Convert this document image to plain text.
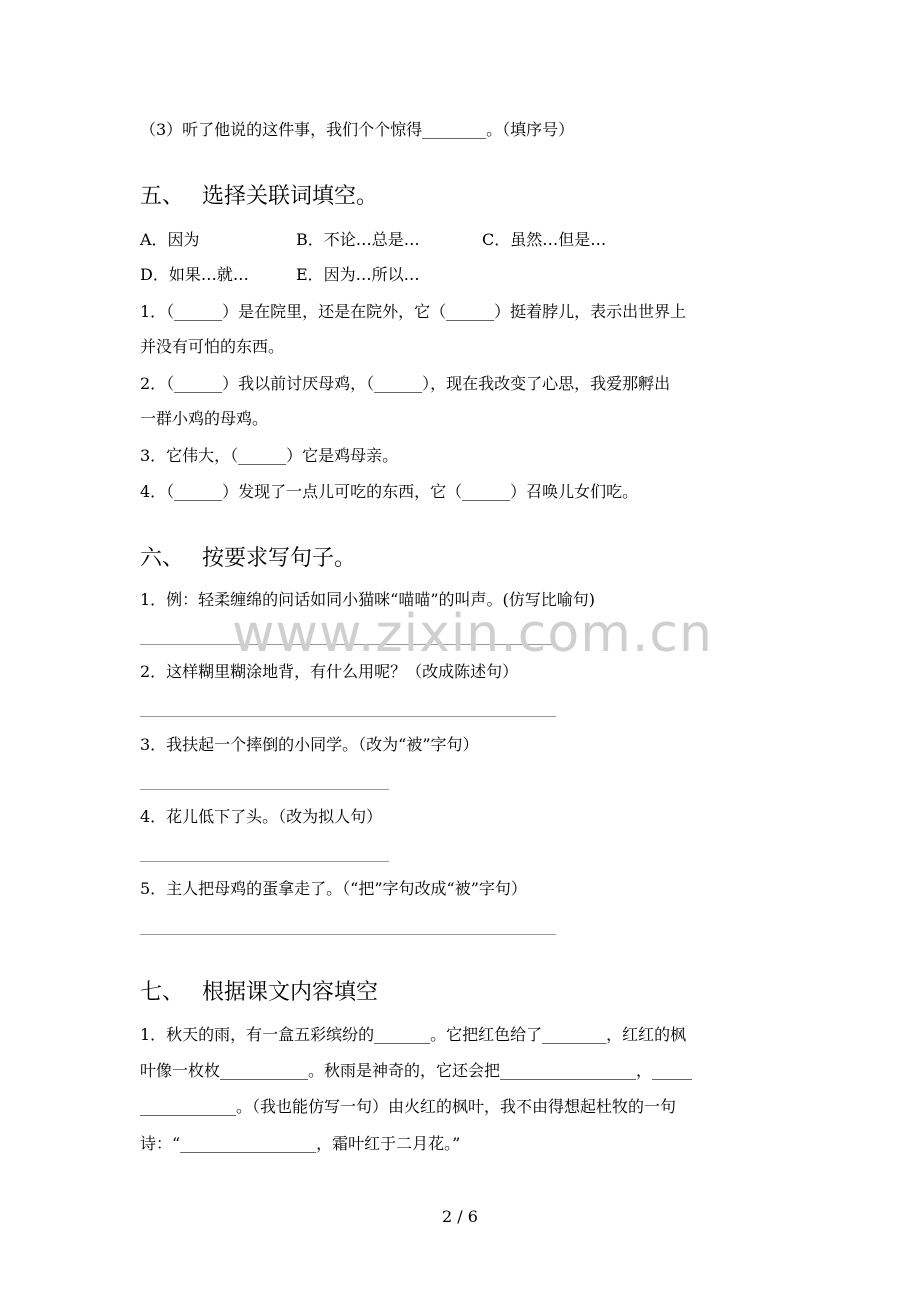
（3）听了他说的这件事，我们个个惊得________。（填序号）
五、 选择关联词填空。
A．因为	B．不论…总是…	C．虽然…但是…
D．如果…就…	E．因为…所以…
1．（______）是在院里，还是在院外，它（______）挺着脖儿，表示出世界上
并没有可怕的东西。
2．（______）我以前讨厌母鸡，（______），现在我改变了心思，我爱那孵出
一群小鸡的母鸡。
3．它伟大，（______）它是鸡母亲。
4．（______）发现了一点儿可吃的东西，它（______）召唤儿女们吃。
六、 按要求写句子。
1．例：轻柔缠绵的问话如同小猫咪“喵喵”的叫声。(仿写比喻句)
www.zixin.com.cn
2．这样糊里糊涂地背，有什么用呢？（改成陈述句）
3．我扶起一个摔倒的小同学。（改为“被”字句）
4．花儿低下了头。（改为拟人句）
5．主人把母鸡的蛋拿走了。（“把”字句改成“被”字句）
七、 根据课文内容填空
1．秋天的雨，有一盒五彩缤纷的_______。它把红色给了________，红红的枫
叶像一枚枚___________。秋雨是神奇的，它还会把_________________，_____
____________。（我也能仿写一句）由火红的枫叶，我不由得想起杜牧的一句
诗：“_________________，霜叶红于二月花。”
2 / 6
